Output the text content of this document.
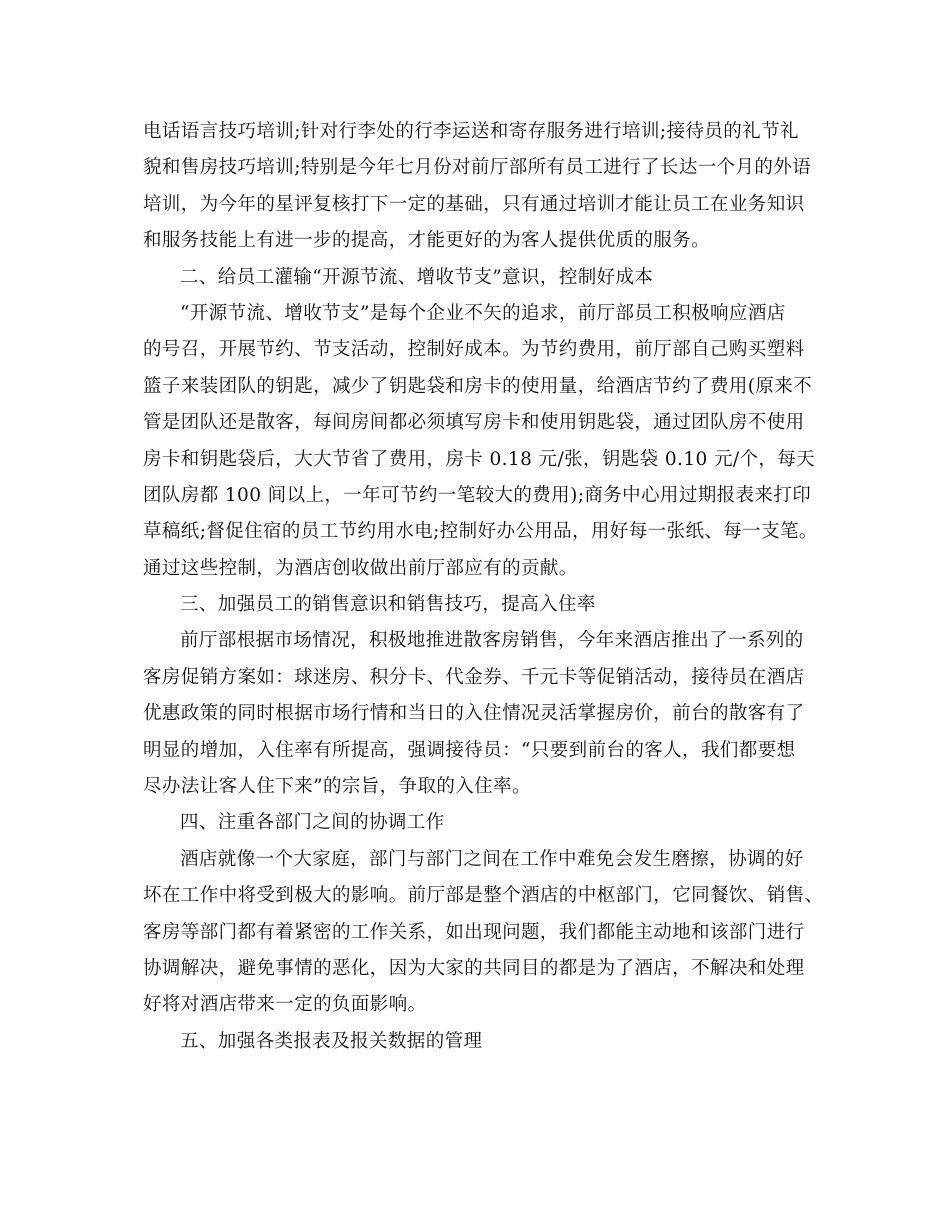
电话语言技巧培训;针对行李处的行李运送和寄存服务进行培训;接待员的礼节礼
貌和售房技巧培训;特别是今年七月份对前厅部所有员工进行了长达一个月的外语
培训，为今年的星评复核打下一定的基础，只有通过培训才能让员工在业务知识
和服务技能上有进一步的提高，才能更好的为客人提供优质的服务。
二、给员工灌输“开源节流、增收节支”意识，控制好成本
“开源节流、增收节支”是每个企业不矢的追求，前厅部员工积极响应酒店
的号召，开展节约、节支活动，控制好成本。为节约费用，前厅部自己购买塑料
篮子来装团队的钥匙，减少了钥匙袋和房卡的使用量，给酒店节约了费用(原来不
管是团队还是散客，每间房间都必须填写房卡和使用钥匙袋，通过团队房不使用
房卡和钥匙袋后，大大节省了费用，房卡 0.18 元/张，钥匙袋 0.10 元/个，每天
团队房都 100 间以上，一年可节约一笔较大的费用);商务中心用过期报表来打印
草稿纸;督促住宿的员工节约用水电;控制好办公用品，用好每一张纸、每一支笔。
通过这些控制，为酒店创收做出前厅部应有的贡献。
三、加强员工的销售意识和销售技巧，提高入住率
前厅部根据市场情况，积极地推进散客房销售，今年来酒店推出了一系列的
客房促销方案如：球迷房、积分卡、代金券、千元卡等促销活动，接待员在酒店
优惠政策的同时根据市场行情和当日的入住情况灵活掌握房价，前台的散客有了
明显的增加，入住率有所提高，强调接待员：“只要到前台的客人，我们都要想
尽办法让客人住下来”的宗旨，争取的入住率。
四、注重各部门之间的协调工作
酒店就像一个大家庭，部门与部门之间在工作中难免会发生磨擦，协调的好
坏在工作中将受到极大的影响。前厅部是整个酒店的中枢部门，它同餐饮、销售、
客房等部门都有着紧密的工作关系，如出现问题，我们都能主动地和该部门进行
协调解决，避免事情的恶化，因为大家的共同目的都是为了酒店，不解决和处理
好将对酒店带来一定的负面影响。
五、加强各类报表及报关数据的管理
